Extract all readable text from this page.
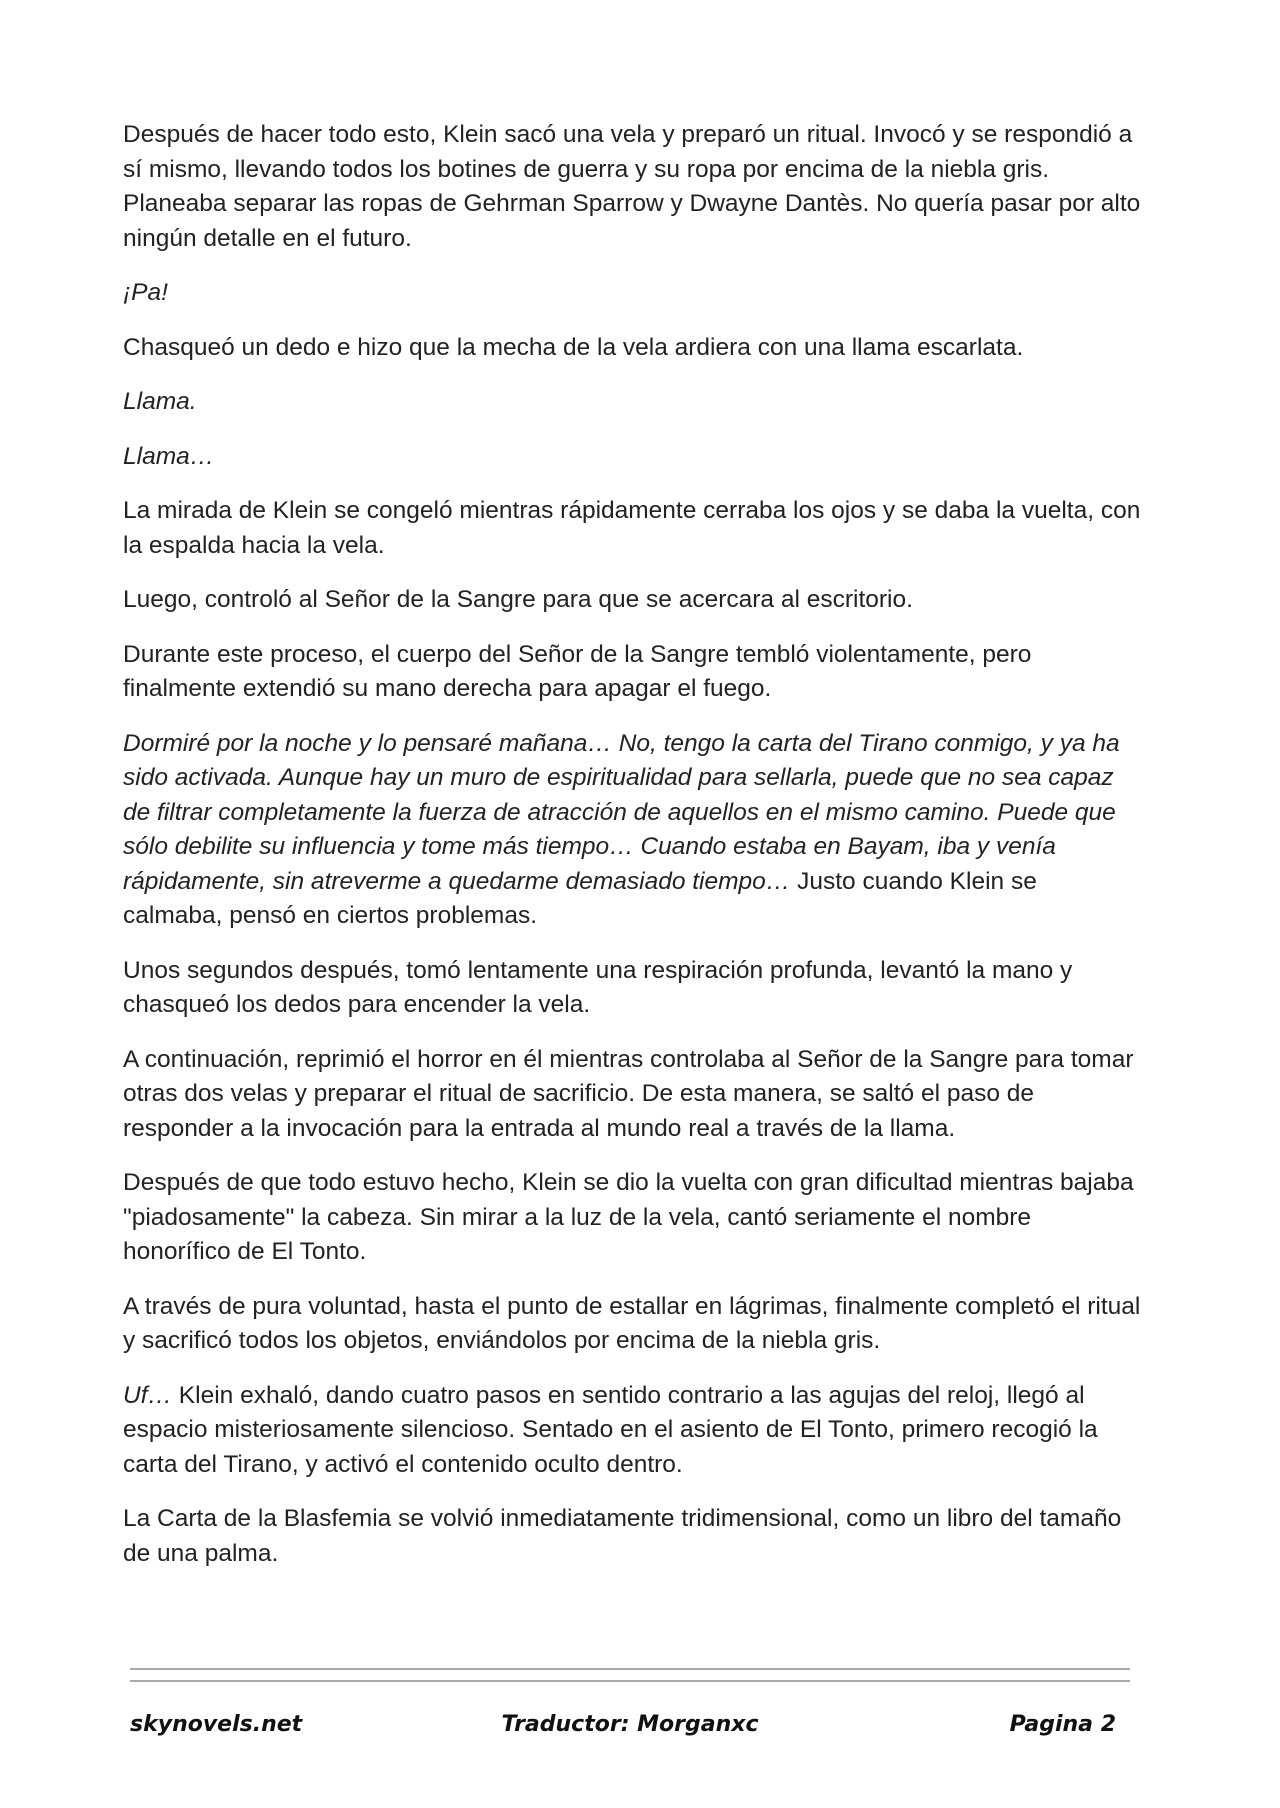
Después de hacer todo esto, Klein sacó una vela y preparó un ritual. Invocó y se respondió a sí mismo, llevando todos los botines de guerra y su ropa por encima de la niebla gris. Planeaba separar las ropas de Gehrman Sparrow y Dwayne Dantès. No quería pasar por alto ningún detalle en el futuro.

¡Pa!

Chasqueó un dedo e hizo que la mecha de la vela ardiera con una llama escarlata.

Llama.

Llama…

La mirada de Klein se congeló mientras rápidamente cerraba los ojos y se daba la vuelta, con la espalda hacia la vela.

Luego, controló al Señor de la Sangre para que se acercara al escritorio.

Durante este proceso, el cuerpo del Señor de la Sangre tembló violentamente, pero finalmente extendió su mano derecha para apagar el fuego.

Dormiré por la noche y lo pensaré mañana… No, tengo la carta del Tirano conmigo, y ya ha sido activada. Aunque hay un muro de espiritualidad para sellarla, puede que no sea capaz de filtrar completamente la fuerza de atracción de aquellos en el mismo camino. Puede que sólo debilite su influencia y tome más tiempo… Cuando estaba en Bayam, iba y venía rápidamente, sin atreverme a quedarme demasiado tiempo… Justo cuando Klein se calmaba, pensó en ciertos problemas.

Unos segundos después, tomó lentamente una respiración profunda, levantó la mano y chasqueó los dedos para encender la vela.

A continuación, reprimió el horror en él mientras controlaba al Señor de la Sangre para tomar otras dos velas y preparar el ritual de sacrificio. De esta manera, se saltó el paso de responder a la invocación para la entrada al mundo real a través de la llama.

Después de que todo estuvo hecho, Klein se dio la vuelta con gran dificultad mientras bajaba "piadosamente" la cabeza. Sin mirar a la luz de la vela, cantó seriamente el nombre honorífico de El Tonto.

A través de pura voluntad, hasta el punto de estallar en lágrimas, finalmente completó el ritual y sacrificó todos los objetos, enviándolos por encima de la niebla gris.

Uf… Klein exhaló, dando cuatro pasos en sentido contrario a las agujas del reloj, llegó al espacio misteriosamente silencioso. Sentado en el asiento de El Tonto, primero recogió la carta del Tirano, y activó el contenido oculto dentro.

La Carta de la Blasfemia se volvió inmediatamente tridimensional, como un libro del tamaño de una palma.

skynovels.net	Traductor: Morganxc	Pagina 2
